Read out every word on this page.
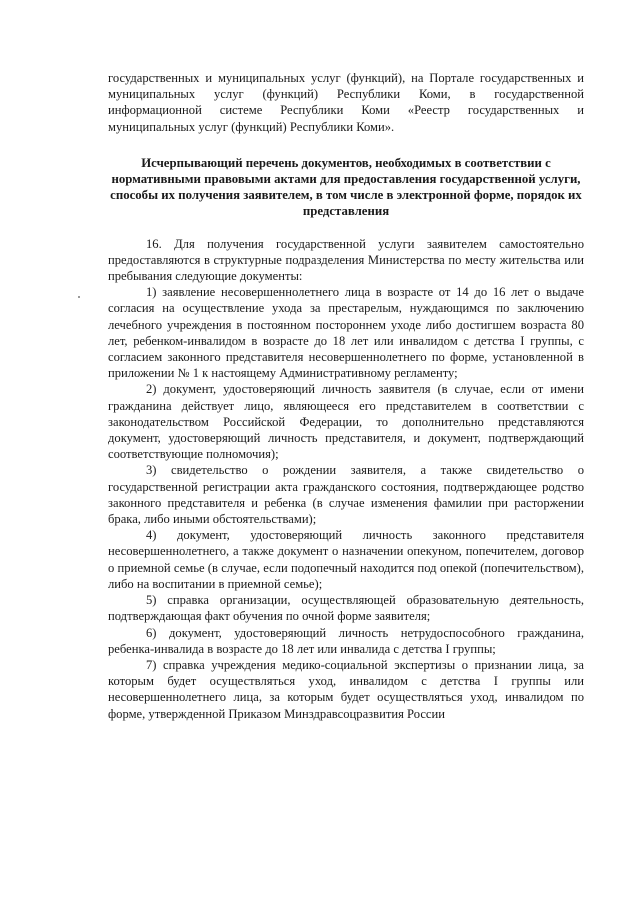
государственных и муниципальных услуг (функций), на Портале государственных и муниципальных услуг (функций) Республики Коми, в государственной информационной системе Республики Коми «Реестр государственных и муниципальных услуг (функций) Республики Коми».

Исчерпывающий перечень документов, необходимых в соответствии с нормативными правовыми актами для предоставления государственной услуги, способы их получения заявителем, в том числе в электронной форме, порядок их представления

16. Для получения государственной услуги заявителем самостоятельно предоставляются в структурные подразделения Министерства по месту жительства или пребывания следующие документы:

1) заявление несовершеннолетнего лица в возрасте от 14 до 16 лет о выдаче согласия на осуществление ухода за престарелым, нуждающимся по заключению лечебного учреждения в постоянном постороннем уходе либо достигшем возраста 80 лет, ребенком-инвалидом в возрасте до 18 лет или инвалидом с детства I группы, с согласием законного представителя несовершеннолетнего по форме, установленной в приложении № 1 к настоящему Административному регламенту;

2) документ, удостоверяющий личность заявителя (в случае, если от имени гражданина действует лицо, являющееся его представителем в соответствии с законодательством Российской Федерации, то дополнительно представляются документ, удостоверяющий личность представителя, и документ, подтверждающий соответствующие полномочия);

3) свидетельство о рождении заявителя, а также свидетельство о государственной регистрации акта гражданского состояния, подтверждающее родство законного представителя и ребенка (в случае изменения фамилии при расторжении брака, либо иными обстоятельствами);

4) документ, удостоверяющий личность законного представителя несовершеннолетнего, а также документ о назначении опекуном, попечителем, договор о приемной семье (в случае, если подопечный находится под опекой (попечительством), либо на воспитании в приемной семье);

5) справка организации, осуществляющей образовательную деятельность, подтверждающая факт обучения по очной форме заявителя;

6) документ, удостоверяющий личность нетрудоспособного гражданина, ребенка-инвалида в возрасте до 18 лет или инвалида с детства I группы;

7) справка учреждения медико-социальной экспертизы о признании лица, за которым будет осуществляться уход, инвалидом с детства I группы или несовершеннолетнего лица, за которым будет осуществляться уход, инвалидом по форме, утвержденной Приказом Минздравсоцразвития России
